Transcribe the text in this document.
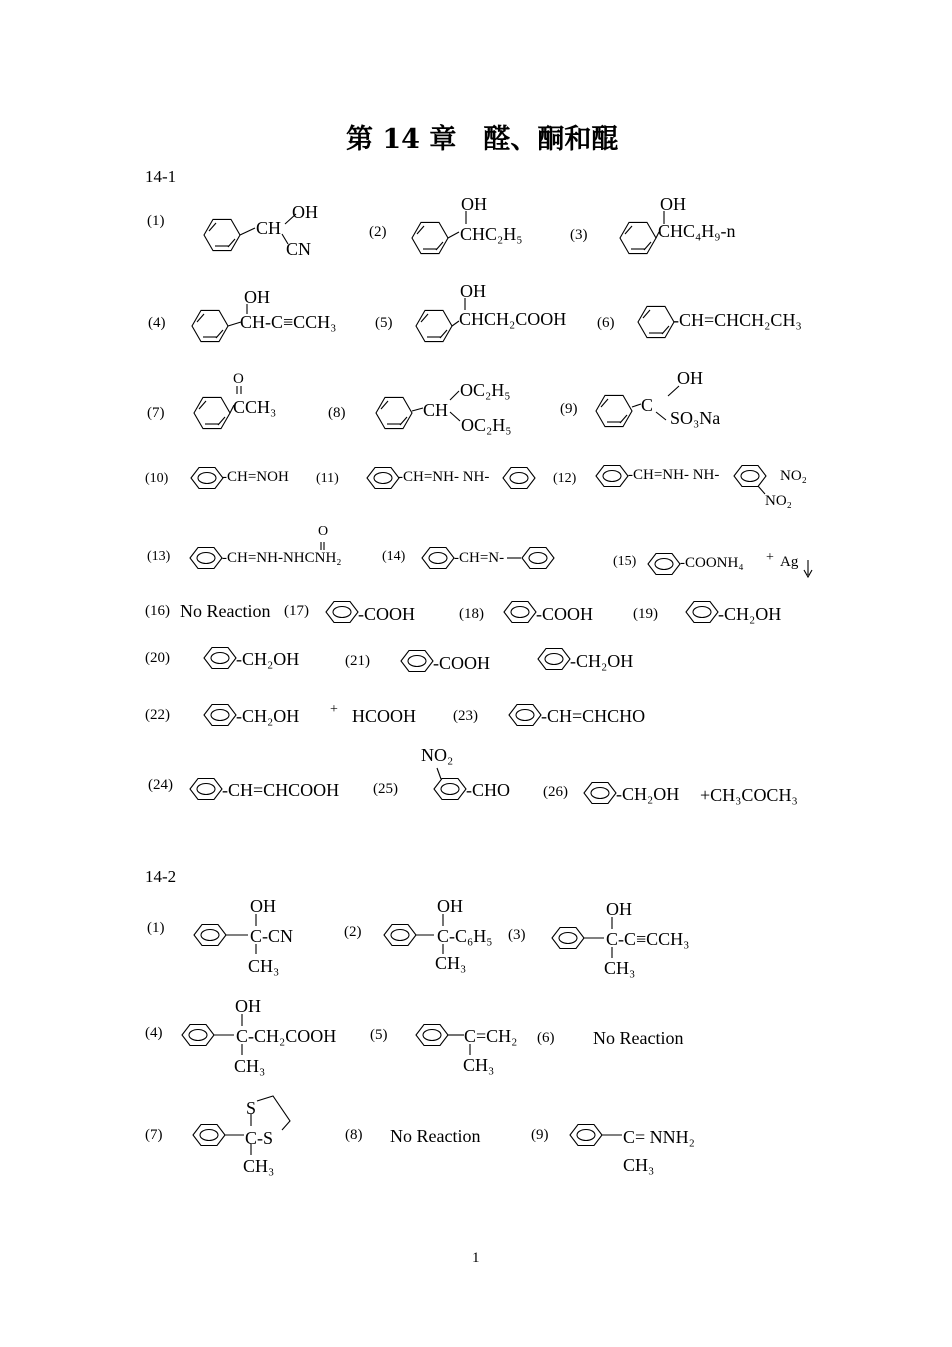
第 14 章　醛、酮和醌
14-1
(1)	CH
OH
CN
(2)
OH
CHC₂H₅	(3)
OH
CHC₄H₉-n
(4)
OH
CH-C≡CCH₃	(5)
OH
CHCH₂COOH (6)	-CH=CHCH₂CH₃
(7)
O
CCH₃	(8)	CH
OC₂H₅
OC₂H₅
(9)	C
OH
SO₃Na
(10)	-CH=NOH (11)	-CH=NH- NH-	(12)	-CH=NH- NH-	NO₂
NO₂
(13)
O
-CH=NH-NHCNH₂	(14)	-CH=N-	(15)	-COONH₄ + Ag
(16) No Reaction (17)	-COOH	(18)	-COOH	(19)	-CH₂OH
(20)	-CH₂OH	(21)	-COOH	-CH₂OH
(22)	-CH₂OH + HCOOH (23)	-CH=CHCHO
(24)	-CH=CHCOOH (25)
NO₂
-CHO (26)	-CH₂OH +CH₃COCH₃
14-2
(1)
OH
C -CN
CH₃
(2)
OH
C -C₆H₅
CH₃
(3)
OH
C -C≡CCH₃
CH₃
(4)
OH
C -CH₂COOH
CH₃
(5)	C=CH₂
CH₃
(6) No Reaction
(7)
S
C -S
CH₃
(8) No Reaction	(9)	C= NNH₂
CH₃
1
